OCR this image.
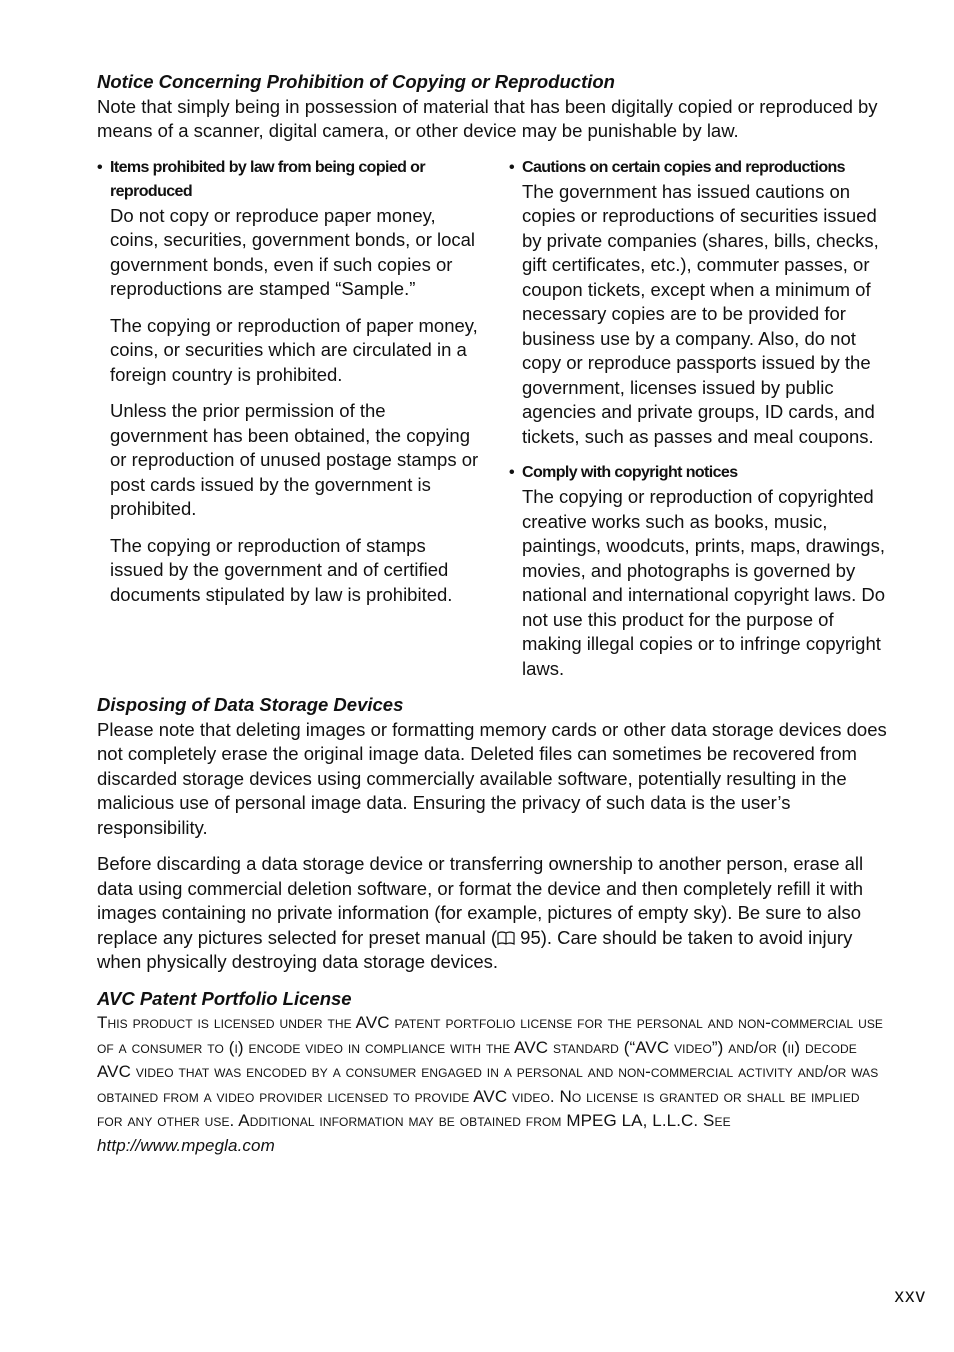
Notice Concerning Prohibition of Copying or Reproduction

Note that simply being in possession of material that has been digitally copied or reproduced by means of a scanner, digital camera, or other device may be punishable by law.

• Items prohibited by law from being copied or reproduced

Do not copy or reproduce paper money, coins, securities, government bonds, or local government bonds, even if such copies or reproductions are stamped “Sample.”

The copying or reproduction of paper money, coins, or securities which are circulated in a foreign country is prohibited.

Unless the prior permission of the government has been obtained, the copying or reproduction of unused postage stamps or post cards issued by the government is prohibited.

The copying or reproduction of stamps issued by the government and of certified documents stipulated by law is prohibited.

• Cautions on certain copies and reproductions

The government has issued cautions on copies or reproductions of securities issued by private companies (shares, bills, checks, gift certificates, etc.), commuter passes, or coupon tickets, except when a minimum of necessary copies are to be provided for business use by a company. Also, do not copy or reproduce passports issued by the government, licenses issued by public agencies and private groups, ID cards, and tickets, such as passes and meal coupons.

• Comply with copyright notices

The copying or reproduction of copyrighted creative works such as books, music, paintings, woodcuts, prints, maps, drawings, movies, and photographs is governed by national and international copyright laws. Do not use this product for the purpose of making illegal copies or to infringe copyright laws.

Disposing of Data Storage Devices

Please note that deleting images or formatting memory cards or other data storage devices does not completely erase the original image data. Deleted files can sometimes be recovered from discarded storage devices using commercially available software, potentially resulting in the malicious use of personal image data. Ensuring the privacy of such data is the user’s responsibility.

Before discarding a data storage device or transferring ownership to another person, erase all data using commercial deletion software, or format the device and then completely refill it with images containing no private information (for example, pictures of empty sky). Be sure to also replace any pictures selected for preset manual ( 95). Care should be taken to avoid injury when physically destroying data storage devices.

AVC Patent Portfolio License

This product is licensed under the AVC patent portfolio license for the personal and non-commercial use of a consumer to (i) encode video in compliance with the AVC standard (“AVC video”) and/or (ii) decode AVC video that was encoded by a consumer engaged in a personal and non-commercial activity and/or was obtained from a video provider licensed to provide AVC video. No license is granted or shall be implied for any other use. Additional information may be obtained from MPEG LA, L.L.C. See http://www.mpegla.com

xxv
